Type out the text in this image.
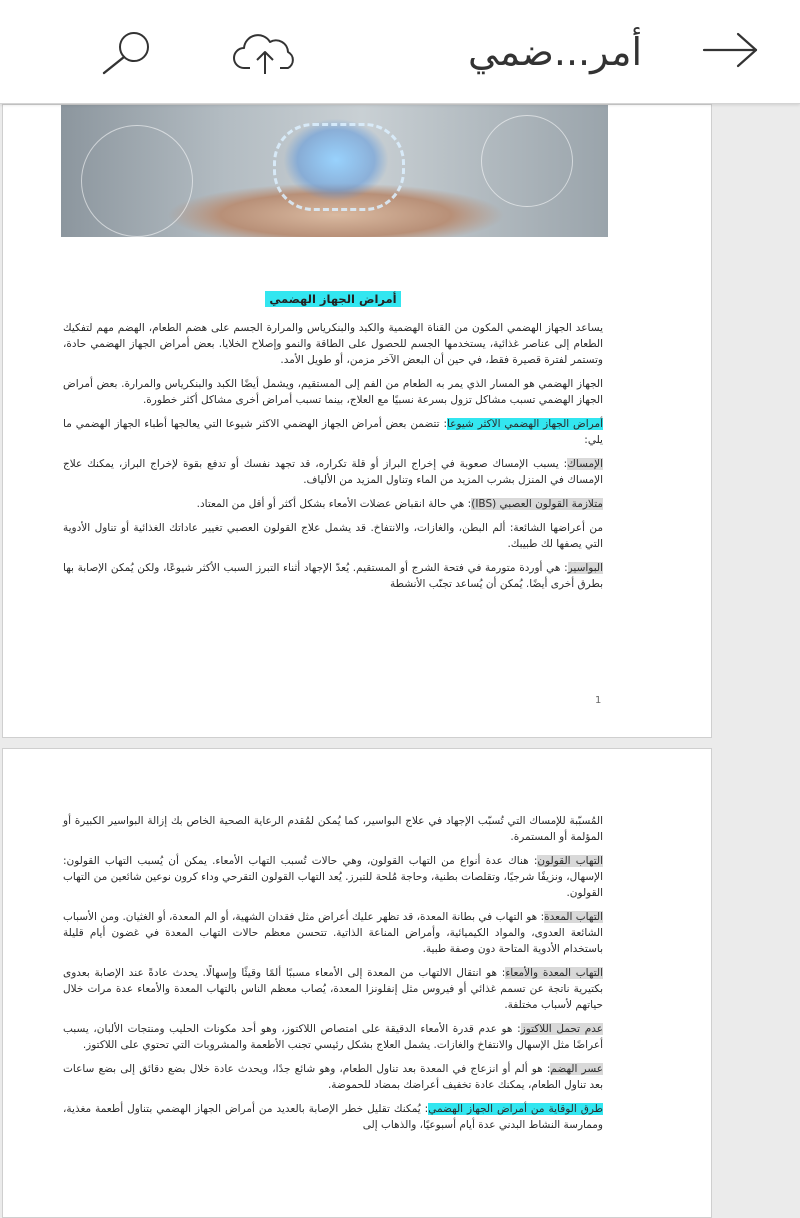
أمر...ضمي
أمراض الجهاز الهضمي

يساعد الجهاز الهضمي المكون من القناة الهضمية والكبد والبنكرياس والمرارة الجسم على هضم الطعام، الهضم مهم لتفكيك الطعام إلى عناصر غذائية، يستخدمها الجسم للحصول على الطاقة والنمو وإصلاح الخلايا. بعض أمراض الجهاز الهضمي حادة، وتستمر لفترة قصيرة فقط، في حين أن البعض الآخر مزمن، أو طويل الأمد.

الجهاز الهضمي هو المسار الذي يمر به الطعام من الفم إلى المستقيم، ويشمل أيضًا الكبد والبنكرياس والمرارة. بعض أمراض الجهاز الهضمي تسبب مشاكل تزول بسرعة نسبيًا مع العلاج، بينما تسبب أمراض أخرى مشاكل أكثر خطورة.

أمراض الجهاز الهضمي الاكثر شيوعا: تتضمن بعض أمراض الجهاز الهضمي الاكثر شيوعا التي يعالجها أطباء الجهاز الهضمي ما يلي:

الإمساك: يسبب الإمساك صعوبة في إخراج البراز أو قلة تكراره، قد تجهد نفسك أو تدفع بقوة لإخراج البراز، يمكنك علاج الإمساك في المنزل بشرب المزيد من الماء وتناول المزيد من الألياف.

متلازمة القولون العصبي (IBS): هي حالة انقباض عضلات الأمعاء بشكل أكثر أو أقل من المعتاد.

من أعراضها الشائعة: ألم البطن، والغازات، والانتفاخ. قد يشمل علاج القولون العصبي تغيير عاداتك الغذائية أو تناول الأدوية التي يصفها لك طبيبك.

البواسير: هي أوردة متورمة في فتحة الشرج أو المستقيم. يُعدّ الإجهاد أثناء التبرز السبب الأكثر شيوعًا، ولكن يُمكن الإصابة بها بطرق أخرى أيضًا. يُمكن أن يُساعد تجنّب الأنشطة

1

المُسبّبة للإمساك التي تُسبّب الإجهاد في علاج البواسير، كما يُمكن لمُقدم الرعاية الصحية الخاص بك إزالة البواسير الكبيرة أو المؤلمة أو المستمرة.

التهاب القولون: هناك عدة أنواع من التهاب القولون، وهي حالات تُسبب التهاب الأمعاء. يمكن أن يُسبب التهاب القولون: الإسهال، ونزيفًا شرجيًا، وتقلصات بطنية، وحاجة مُلحة للتبرز. يُعد التهاب القولون التقرحي وداء كرون نوعين شائعين من التهاب القولون.

التهاب المعدة: هو التهاب في بطانة المعدة، قد تظهر عليك أعراض مثل فقدان الشهية، أو الم المعدة، أو الغثيان. ومن الأسباب الشائعة العدوى، والمواد الكيميائية، وأمراض المناعة الذاتية. تتحسن معظم حالات التهاب المعدة في غضون أيام قليلة باستخدام الأدوية المتاحة دون وصفة طبية.

التهاب المعدة والأمعاء: هو انتقال الالتهاب من المعدة إلى الأمعاء مسببًا ألمًا وقيئًا وإسهالًا. يحدث عادةً عند الإصابة بعدوى بكتيرية ناتجة عن تسمم غذائي أو فيروس مثل إنفلونزا المعدة، يُصاب معظم الناس بالتهاب المعدة والأمعاء عدة مرات خلال حياتهم لأسباب مختلفة.

عدم تحمل اللاكتوز: هو عدم قدرة الأمعاء الدقيقة على امتصاص اللاكتوز، وهو أحد مكونات الحليب ومنتجات الألبان، يسبب أعراضًا مثل الإسهال والانتفاخ والغازات. يشمل العلاج بشكل رئيسي تجنب الأطعمة والمشروبات التي تحتوي على اللاكتوز.

عسر الهضم: هو ألم أو انزعاج في المعدة بعد تناول الطعام، وهو شائع جدًا، ويحدث عادة خلال بضع دقائق إلى بضع ساعات بعد تناول الطعام، يمكنك عادة تخفيف أعراضك بمضاد للحموضة.

طرق الوقاية من أمراض الجهاز الهضمي: يُمكنك تقليل خطر الإصابة بالعديد من أمراض الجهاز الهضمي بتناول أطعمة مغذية، وممارسة النشاط البدني عدة أيام أسبوعيًا، والذهاب إلى
